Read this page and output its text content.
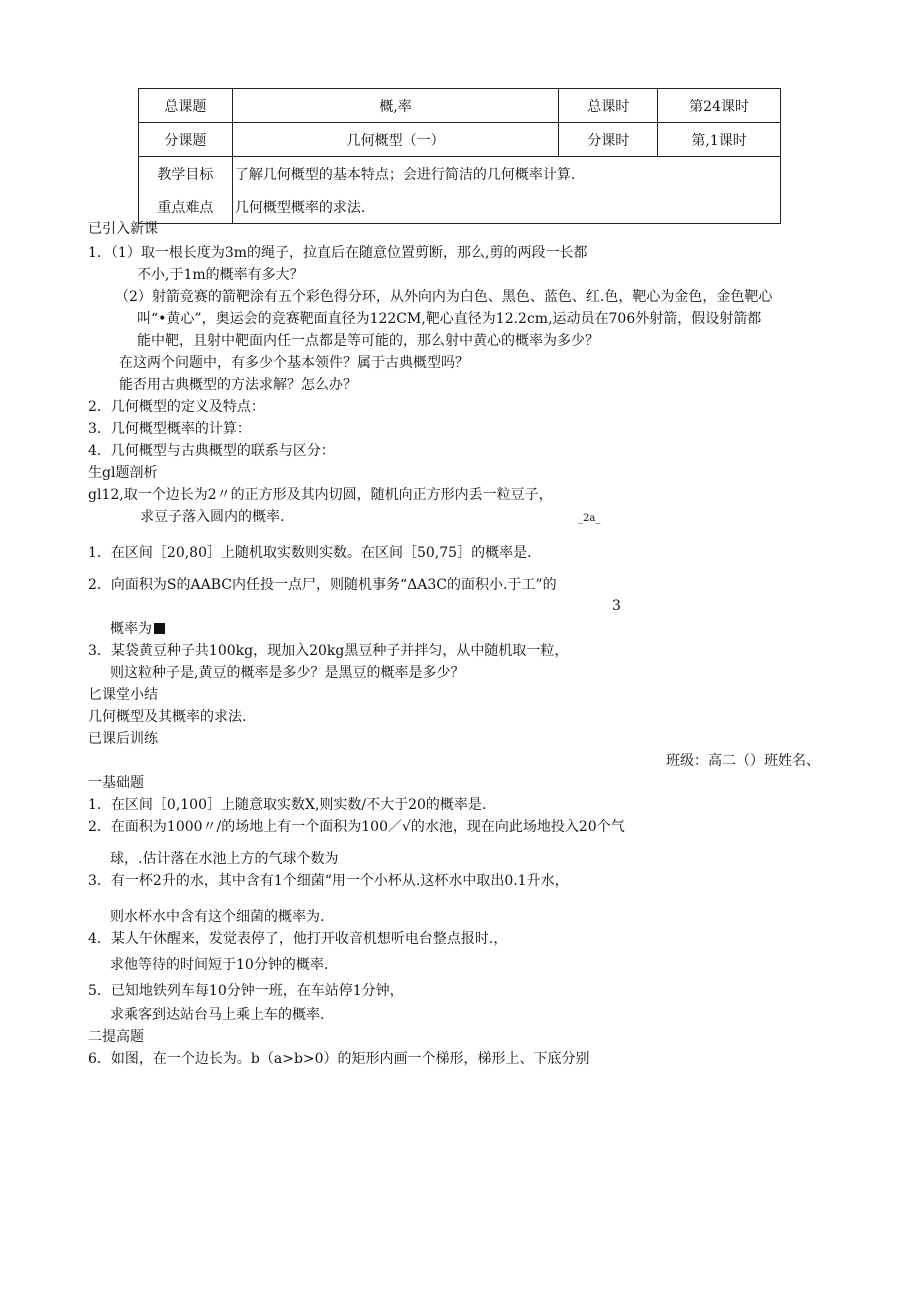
总课题	概,率	总课时	第24课时
分课题	几何概型（一）	分课时	第,1课时
教学目标	了解几何概型的基本特点；会进行简洁的几何概率计算.		
重点难点	几何概型概率的求法.		
已引入新课
1．（1）取一根长度为3m的绳子，拉直后在随意位置剪断，那么,剪的两段一长都
不小,于1m的概率有多大？
（2）射箭竞赛的箭靶涂有五个彩色得分环，从外向内为白色、黑色、蓝色、红.色，靶心为金色，金色靶心
叫“•黄心”，奥运会的竞赛靶面直径为122CM,靶心直径为12.2cm,运动员在706外射箭，假设射箭都
能中靶，且射中靶面内任一点都是等可能的，那么射中黄心的概率为多少？
在这两个问题中，有多少个基本领件？属于古典概型吗？
能否用古典概型的方法求解？怎么办？
2．几何概型的定义及特点：
3．几何概型概率的计算：
4．几何概型与古典概型的联系与区分：
生gl题剖析
gl12,取一个边长为2〃的正方形及其内切圆，随机向正方形内丢一粒豆子，
求豆子落入圆内的概率.	_2a_
1．在区间［20,80］上随机取实数则实数。在区间［50,75］的概率是.
2．向面积为S的AABC内任投一点尸，则随机事务“ΔA3C的面积小.于工”的
3
概率为
3．某袋黄豆种子共100kg，现加入20kg黑豆种子并拌匀，从中随机取一粒，
则这粒种子是,黄豆的概率是多少？是黑豆的概率是多少？
匕课堂小结
几何概型及其概率的求法.
已课后训练
班级：高二（）班姓名、
一基础题
1．在区间［0,100］上随意取实数X,则实数/不大于20的概率是.
2．在面积为1000〃/的场地上有一个面积为100／√的水池，现在向此场地投入20个气
球，.估计落在水池上方的气球个数为
3．有一杯2升的水，其中含有1个细菌“用一个小杯从.这杯水中取出0.1升水，
则水杯水中含有这个细菌的概率为.
4．某人午休醒来，发觉表停了，他打开收音机想听电台整点报时.，
求他等待的时间短于10分钟的概率.
5．已知地铁列车每10分钟一班，在车站停1分钟，
求乘客到达站台马上乘上车的概率.
二提高题
6．如图，在一个边长为。b（a>b>0）的矩形内画一个梯形，梯形上、下底分别
